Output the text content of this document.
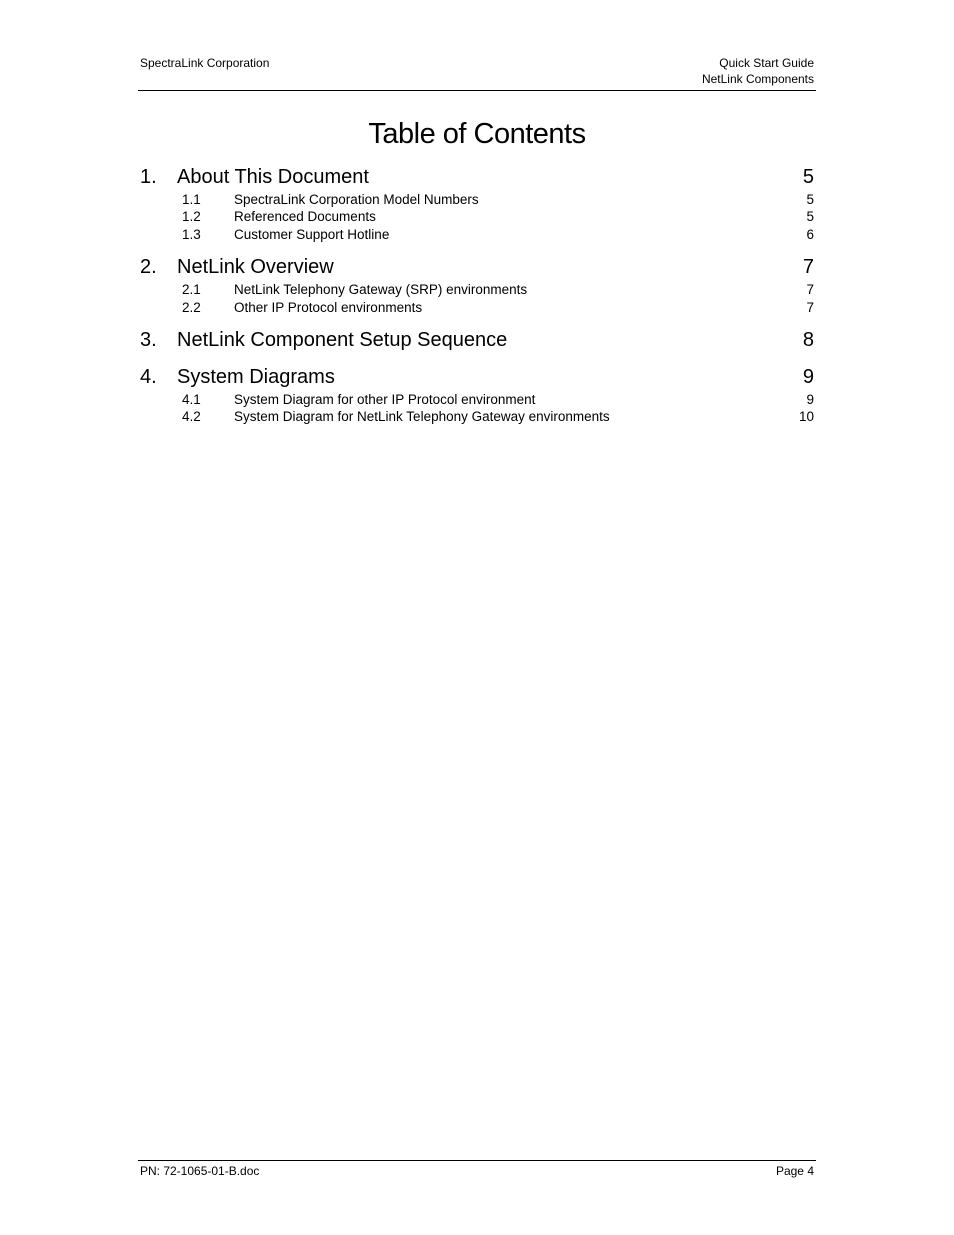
SpectraLink Corporation	Quick Start Guide
NetLink Components
Table of Contents
1. About This Document	5
1.1 SpectraLink Corporation Model Numbers	5
1.2 Referenced Documents	5
1.3 Customer Support Hotline	6
2. NetLink Overview	7
2.1 NetLink Telephony Gateway (SRP) environments	7
2.2 Other IP Protocol environments	7
3. NetLink Component Setup Sequence	8
4. System Diagrams	9
4.1 System Diagram for other IP Protocol environment	9
4.2 System Diagram for NetLink Telephony Gateway environments	10
PN: 72-1065-01-B.doc	Page 4
